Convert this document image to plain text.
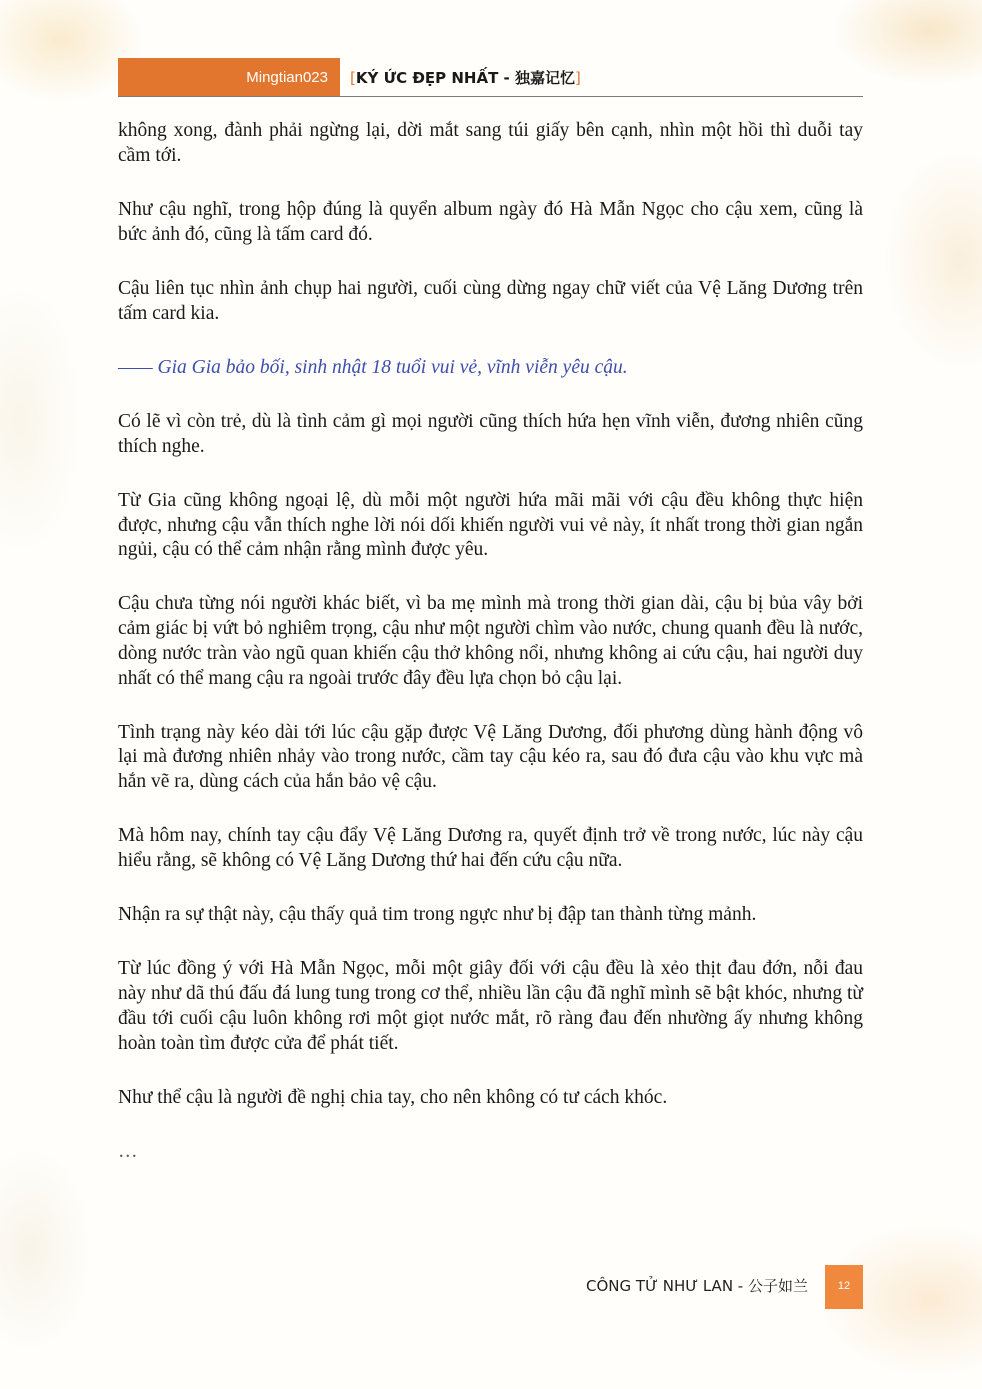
Mingtian023	[KÝ ỨC ĐẸP NHẤT - 独嘉记忆]

không xong, đành phải ngừng lại, dời mắt sang túi giấy bên cạnh, nhìn một hồi thì duỗi tay cầm tới.

Như cậu nghĩ, trong hộp đúng là quyển album ngày đó Hà Mẫn Ngọc cho cậu xem, cũng là bức ảnh đó, cũng là tấm card đó.

Cậu liên tục nhìn ảnh chụp hai người, cuối cùng dừng ngay chữ viết của Vệ Lăng Dương trên tấm card kia.

—— Gia Gia bảo bối, sinh nhật 18 tuổi vui vẻ, vĩnh viễn yêu cậu.

Có lẽ vì còn trẻ, dù là tình cảm gì mọi người cũng thích hứa hẹn vĩnh viễn, đương nhiên cũng thích nghe.

Từ Gia cũng không ngoại lệ, dù mỗi một người hứa mãi mãi với cậu đều không thực hiện được, nhưng cậu vẫn thích nghe lời nói dối khiến người vui vẻ này, ít nhất trong thời gian ngắn ngủi, cậu có thể cảm nhận rằng mình được yêu.

Cậu chưa từng nói người khác biết, vì ba mẹ mình mà trong thời gian dài, cậu bị bủa vây bởi cảm giác bị vứt bỏ nghiêm trọng, cậu như một người chìm vào nước, chung quanh đều là nước, dòng nước tràn vào ngũ quan khiến cậu thở không nổi, nhưng không ai cứu cậu, hai người duy nhất có thể mang cậu ra ngoài trước đây đều lựa chọn bỏ cậu lại.

Tình trạng này kéo dài tới lúc cậu gặp được Vệ Lăng Dương, đối phương dùng hành động vô lại mà đương nhiên nhảy vào trong nước, cầm tay cậu kéo ra, sau đó đưa cậu vào khu vực mà hắn vẽ ra, dùng cách của hắn bảo vệ cậu.

Mà hôm nay, chính tay cậu đẩy Vệ Lăng Dương ra, quyết định trở về trong nước, lúc này cậu hiểu rằng, sẽ không có Vệ Lăng Dương thứ hai đến cứu cậu nữa.

Nhận ra sự thật này, cậu thấy quả tim trong ngực như bị đập tan thành từng mảnh.

Từ lúc đồng ý với Hà Mẫn Ngọc, mỗi một giây đối với cậu đều là xẻo thịt đau đớn, nỗi đau này như dã thú đấu đá lung tung trong cơ thể, nhiều lần cậu đã nghĩ mình sẽ bật khóc, nhưng từ đầu tới cuối cậu luôn không rơi một giọt nước mắt, rõ ràng đau đến nhường ấy nhưng không hoàn toàn tìm được cửa để phát tiết.

Như thể cậu là người đề nghị chia tay, cho nên không có tư cách khóc.

…

CÔNG TỬ NHƯ LAN - 公子如兰	12
